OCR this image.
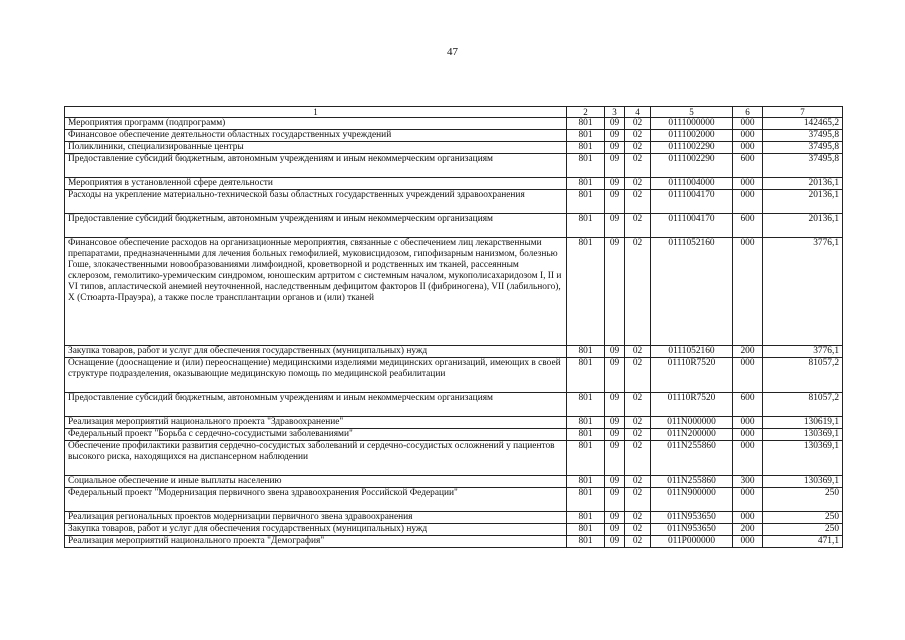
47
1	2	3	4	5	6	7
Мероприятия программ (подпрограмм)	801	09	02	0111000000	000	142465,2
Финансовое обеспечение деятельности областных государственных учреждений	801	09	02	0111002000	000	37495,8
Поликлиники, специализированные центры	801	09	02	0111002290	000	37495,8
Предоставление субсидий бюджетным, автономным учреждениям и иным некоммерческим организациям	801	09	02	0111002290	600	37495,8
Мероприятия в установленной сфере деятельности	801	09	02	0111004000	000	20136,1
Расходы на укрепление материально-технической базы областных государственных учреждений здравоохранения	801	09	02	0111004170	000	20136,1
Предоставление субсидий бюджетным, автономным учреждениям и иным некоммерческим организациям	801	09	02	0111004170	600	20136,1
Финансовое обеспечение расходов на организационные мероприятия, связанные с обеспечением лиц лекарственными препаратами, предназначенными для лечения больных гемофилией, муковисцидозом, гипофизарным нанизмом, болезнью Гоше, злокачественными новообразованиями лимфоидной, кроветворной и родственных им тканей, рассеянным склерозом, гемолитико-уремическим синдромом, юношеским артритом с системным началом, мукополисахаридозом I, II и VI типов, апластической анемией неуточненной, наследственным дефицитом факторов II (фибриногена), VII (лабильного), X (Стюарта-Прауэра), а также после трансплантации органов и (или) тканей	801	09	02	0111052160	000	3776,1
Закупка товаров, работ и услуг для обеспечения государственных (муниципальных) нужд	801	09	02	0111052160	200	3776,1
Оснащение (дооснащение и (или) переоснащение) медицинскими изделиями медицинских организаций, имеющих в своей структуре подразделения, оказывающие медицинскую помощь по медицинской реабилитации	801	09	02	01110R7520	000	81057,2
Предоставление субсидий бюджетным, автономным учреждениям и иным некоммерческим организациям	801	09	02	01110R7520	600	81057,2
Реализация мероприятий национального проекта "Здравоохранение"	801	09	02	011N000000	000	130619,1
Федеральный проект "Борьба с сердечно-сосудистыми заболеваниями"	801	09	02	011N200000	000	130369,1
Обеспечение профилактики развития сердечно-сосудистых заболеваний и сердечно-сосудистых осложнений у пациентов высокого риска, находящихся на диспансерном наблюдении	801	09	02	011N255860	000	130369,1
Социальное обеспечение и иные выплаты населению	801	09	02	011N255860	300	130369,1
Федеральный проект "Модернизация первичного звена здравоохранения Российской Федерации"	801	09	02	011N900000	000	250
Реализация региональных проектов модернизации первичного звена здравоохранения	801	09	02	011N953650	000	250
Закупка товаров, работ и услуг для обеспечения государственных (муниципальных) нужд	801	09	02	011N953650	200	250
Реализация мероприятий национального проекта "Демография"	801	09	02	011P000000	000	471,1
